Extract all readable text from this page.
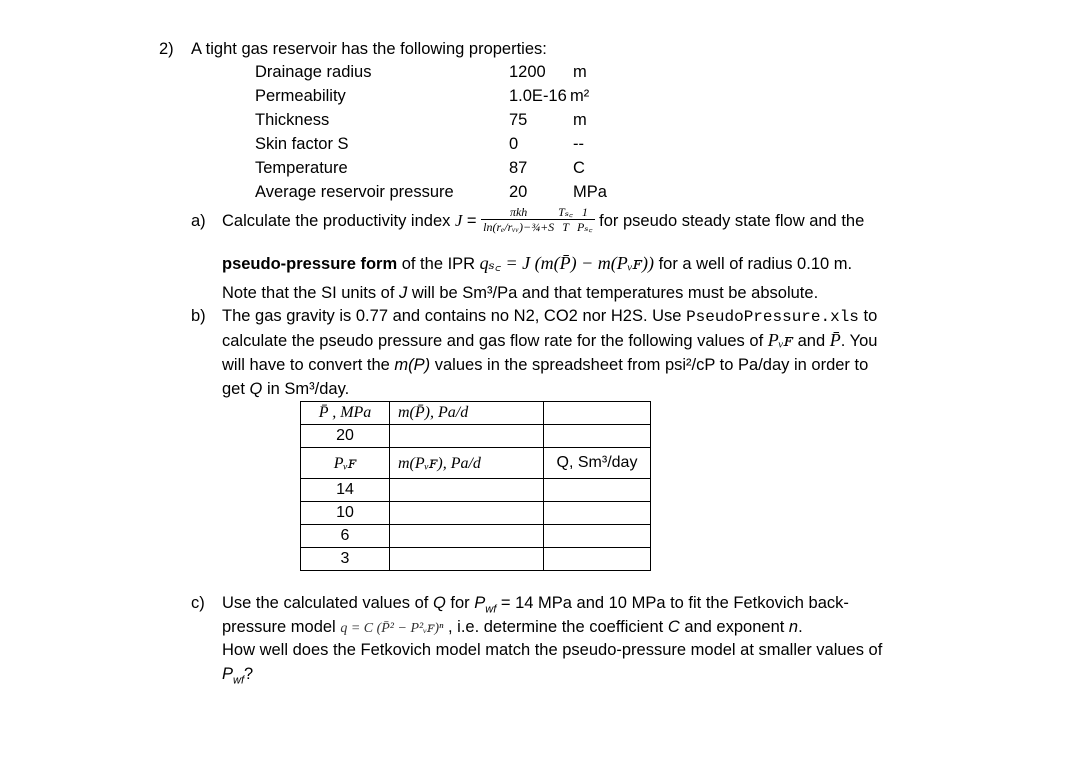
2) A tight gas reservoir has the following properties:
Drainage radius	1200 m
Permeability	1.0E-16 m²
Thickness	75	m
Skin factor S	0	--
Temperature	87	C
Average reservoir pressure	20	MPa
a) Calculate the productivity index $J = \frac{\text{πkh}}{\text{ln(rₑ/rᵥᵥ)−¾+S}} \frac{\text{Tₛ꜀}}{T} \frac{1}{\text{Pₛ꜀}}$ for pseudo steady state flow and the
pseudo-pressure form of the IPR qₛ꜀ = J (m(P̄) − m(Pᵥꜰ)) for a well of radius 0.10 m.
Note that the SI units of J will be Sm³/Pa and that temperatures must be absolute.
b) The gas gravity is 0.77 and contains no N2, CO2 nor H2S. Use PseudoPressure.xls to
calculate the pseudo pressure and gas flow rate for the following values of Pᵥꜰ and P̄. You
will have to convert the m(P) values in the spreadsheet from psi²/cP to Pa/day in order to
get Q in Sm³/day.
P̄ , MPa	m(P̄), Pa/d	
20		
Pᵥꜰ	m(Pᵥꜰ), Pa/d	Q, Sm³/day
14		
10		
6		
3		
c) Use the calculated values of Q for $P_{wf} = 14$ MPa and 10 MPa to fit the Fetkovich back-
pressure model q = C (P̄² − P²ᵥꜰ)ⁿ , i.e. determine the coefficient C and exponent n.
How well does the Fetkovich model match the pseudo-pressure model at smaller values of
$P_{wf}$?
